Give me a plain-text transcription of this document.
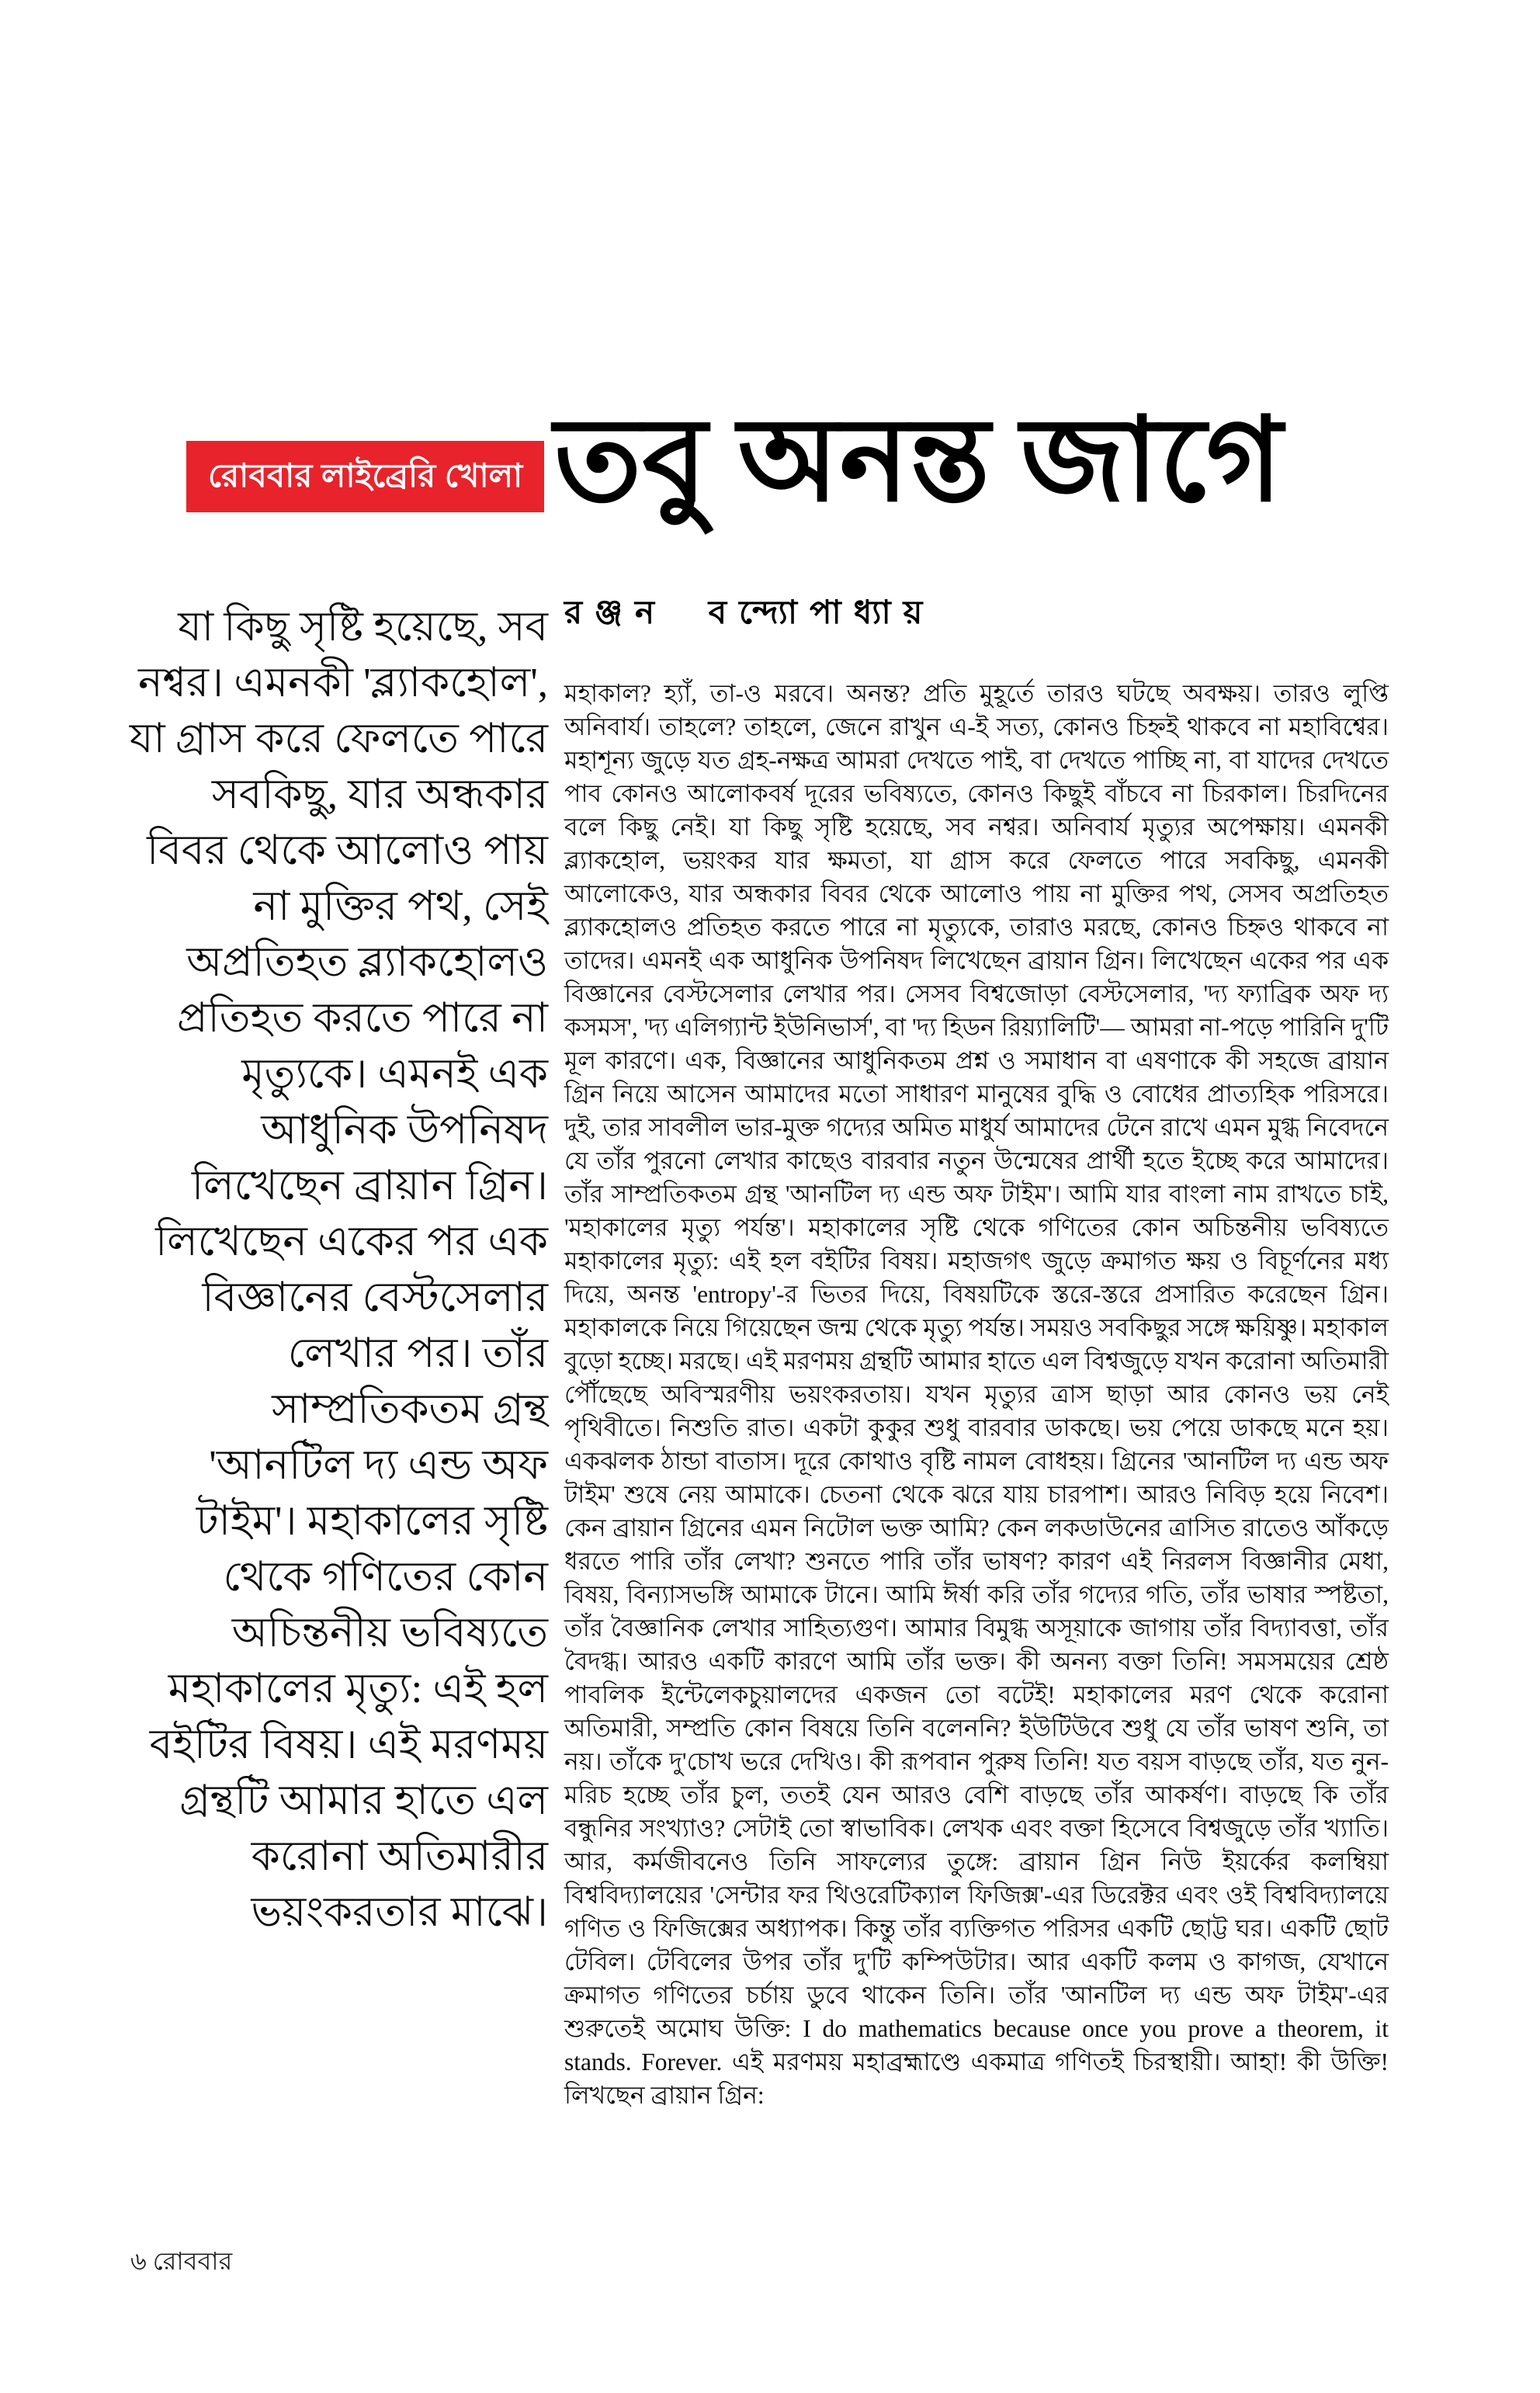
রোববার লাইব্রেরি খোলা তবু অনন্ত জাগে
রঞ্জন বন্দ্যোপাধ্যায়
যা কিছু সৃষ্টি হয়েছে, সব নশ্বর। এমনকী 'ব্ল্যাকহোল', যা গ্রাস করে ফেলতে পারে সবকিছু, যার অন্ধকার বিবর থেকে আলোও পায় না মুক্তির পথ, সেই অপ্রতিহত ব্ল্যাকহোলও প্রতিহত করতে পারে না মৃত্যুকে। এমনই এক আধুনিক উপনিষদ লিখেছেন ব্রায়ান গ্রিন। লিখেছেন একের পর এক বিজ্ঞানের বেস্টসেলার লেখার পর। তাঁর সাম্প্রতিকতম গ্রন্থ 'আনটিল দ্য এন্ড অফ টাইম'। মহাকালের সৃষ্টি থেকে গণিতের কোন অচিন্তনীয় ভবিষ্যতে মহাকালের মৃত্যু: এই হল বইটির বিষয়। এই মরণময় গ্রন্থটি আমার হাতে এল করোনা অতিমারীর ভয়ংকরতার মাঝে।

মহাকাল? হ্যাঁ, তা-ও মরবে। অনন্ত? প্রতি মুহূর্তে তারও ঘটছে অবক্ষয়। তারও লুপ্তি অনিবার্য। তাহলে? তাহলে, জেনে রাখুন এ-ই সত্য, কোনও চিহ্নই থাকবে না মহাবিশ্বের। মহাশূন্য জুড়ে যত গ্রহ-নক্ষত্র আমরা দেখতে পাই, বা দেখতে পাচ্ছি না, বা যাদের দেখতে পাব কোনও আলোকবর্ষ দূরের ভবিষ্যতে, কোনও কিছুই বাঁচবে না চিরকাল। চিরদিনের বলে কিছু নেই। যা কিছু সৃষ্টি হয়েছে, সব নশ্বর। অনিবার্য মৃত্যুর অপেক্ষায়। এমনকী ব্ল্যাকহোল, ভয়ংকর যার ক্ষমতা, যা গ্রাস করে ফেলতে পারে সবকিছু, এমনকী আলোকেও, যার অন্ধকার বিবর থেকে আলোও পায় না মুক্তির পথ, সেসব অপ্রতিহত ব্ল্যাকহোলও প্রতিহত করতে পারে না মৃত্যুকে, তারাও মরছে, কোনও চিহ্নও থাকবে না তাদের। এমনই এক আধুনিক উপনিষদ লিখেছেন ব্রায়ান গ্রিন। লিখেছেন একের পর এক বিজ্ঞানের বেস্টসেলার লেখার পর। সেসব বিশ্বজোড়া বেস্টসেলার, 'দ্য ফ্যাব্রিক অফ দ্য কসমস', 'দ্য এলিগ্যান্ট ইউনিভার্স', বা 'দ্য হিডন রিয়্যালিটি'— আমরা না-পড়ে পারিনি দু'টি মূল কারণে। এক, বিজ্ঞানের আধুনিকতম প্রশ্ন ও সমাধান বা এষণাকে কী সহজে ব্রায়ান গ্রিন নিয়ে আসেন আমাদের মতো সাধারণ মানুষের বুদ্ধি ও বোধের প্রাত্যহিক পরিসরে। দুই, তার সাবলীল ভার-মুক্ত গদ্যের অমিত মাধুর্য আমাদের টেনে রাখে এমন মুগ্ধ নিবেদনে যে তাঁর পুরনো লেখার কাছেও বারবার নতুন উন্মেষের প্রার্থী হতে ইচ্ছে করে আমাদের। তাঁর সাম্প্রতিকতম গ্রন্থ 'আনটিল দ্য এন্ড অফ টাইম'। আমি যার বাংলা নাম রাখতে চাই, 'মহাকালের মৃত্যু পর্যন্ত'। মহাকালের সৃষ্টি থেকে গণিতের কোন অচিন্তনীয় ভবিষ্যতে মহাকালের মৃত্যু: এই হল বইটির বিষয়। মহাজগৎ জুড়ে ক্রমাগত ক্ষয় ও বিচূর্ণনের মধ্য দিয়ে, অনন্ত 'entropy'-র ভিতর দিয়ে, বিষয়টিকে স্তরে-স্তরে প্রসারিত করেছেন গ্রিন। মহাকালকে নিয়ে গিয়েছেন জন্ম থেকে মৃত্যু পর্যন্ত। সময়ও সবকিছুর সঙ্গে ক্ষয়িষ্ণু। মহাকাল বুড়ো হচ্ছে। মরছে। এই মরণময় গ্রন্থটি আমার হাতে এল বিশ্বজুড়ে যখন করোনা অতিমারী পৌঁছেছে অবিস্মরণীয় ভয়ংকরতায়। যখন মৃত্যুর ত্রাস ছাড়া আর কোনও ভয় নেই পৃথিবীতে। নিশুতি রাত। একটা কুকুর শুধু বারবার ডাকছে। ভয় পেয়ে ডাকছে মনে হয়। একঝলক ঠান্ডা বাতাস। দূরে কোথাও বৃষ্টি নামল বোধহয়। গ্রিনের 'আনটিল দ্য এন্ড অফ টাইম' শুষে নেয় আমাকে। চেতনা থেকে ঝরে যায় চারপাশ। আরও নিবিড় হয়ে নিবেশ। কেন ব্রায়ান গ্রিনের এমন নিটোল ভক্ত আমি? কেন লকডাউনের ত্রাসিত রাতেও আঁকড়ে ধরতে পারি তাঁর লেখা? শুনতে পারি তাঁর ভাষণ? কারণ এই নিরলস বিজ্ঞানীর মেধা, বিষয়, বিন্যাসভঙ্গি আমাকে টানে। আমি ঈর্ষা করি তাঁর গদ্যের গতি, তাঁর ভাষার স্পষ্টতা, তাঁর বৈজ্ঞানিক লেখার সাহিত্যগুণ। আমার বিমুগ্ধ অসূয়াকে জাগায় তাঁর বিদ্যাবত্তা, তাঁর বৈদগ্ধ। আরও একটি কারণে আমি তাঁর ভক্ত। কী অনন্য বক্তা তিনি! সমসময়ের শ্রেষ্ঠ পাবলিক ইন্টেলেকচুয়ালদের একজন তো বটেই! মহাকালের মরণ থেকে করোনা অতিমারী, সম্প্রতি কোন বিষয়ে তিনি বলেননি? ইউটিউবে শুধু যে তাঁর ভাষণ শুনি, তা নয়। তাঁকে দু'চোখ ভরে দেখিও। কী রূপবান পুরুষ তিনি! যত বয়স বাড়ছে তাঁর, যত নুন-মরিচ হচ্ছে তাঁর চুল, ততই যেন আরও বেশি বাড়ছে তাঁর আকর্ষণ। বাড়ছে কি তাঁর বন্ধুনির সংখ্যাও? সেটাই তো স্বাভাবিক। লেখক এবং বক্তা হিসেবে বিশ্বজুড়ে তাঁর খ্যাতি। আর, কর্মজীবনেও তিনি সাফল্যের তুঙ্গে: ব্রায়ান গ্রিন নিউ ইয়র্কের কলম্বিয়া বিশ্ববিদ্যালয়ের 'সেন্টার ফর থিওরেটিক্যাল ফিজিক্স'-এর ডিরেক্টর এবং ওই বিশ্ববিদ্যালয়ে গণিত ও ফিজিক্সের অধ্যাপক। কিন্তু তাঁর ব্যক্তিগত পরিসর একটি ছোট্ট ঘর। একটি ছোট টেবিল। টেবিলের উপর তাঁর দু'টি কম্পিউটার। আর একটি কলম ও কাগজ, যেখানে ক্রমাগত গণিতের চর্চায় ডুবে থাকেন তিনি। তাঁর 'আনটিল দ্য এন্ড অফ টাইম'-এর শুরুতেই অমোঘ উক্তি: I do mathematics because once you prove a theorem, it stands. Forever. এই মরণময় মহাব্রহ্মাণ্ডে একমাত্র গণিতই চিরস্থায়ী। আহা! কী উক্তি! লিখছেন ব্রায়ান গ্রিন:

৬ রোববার
